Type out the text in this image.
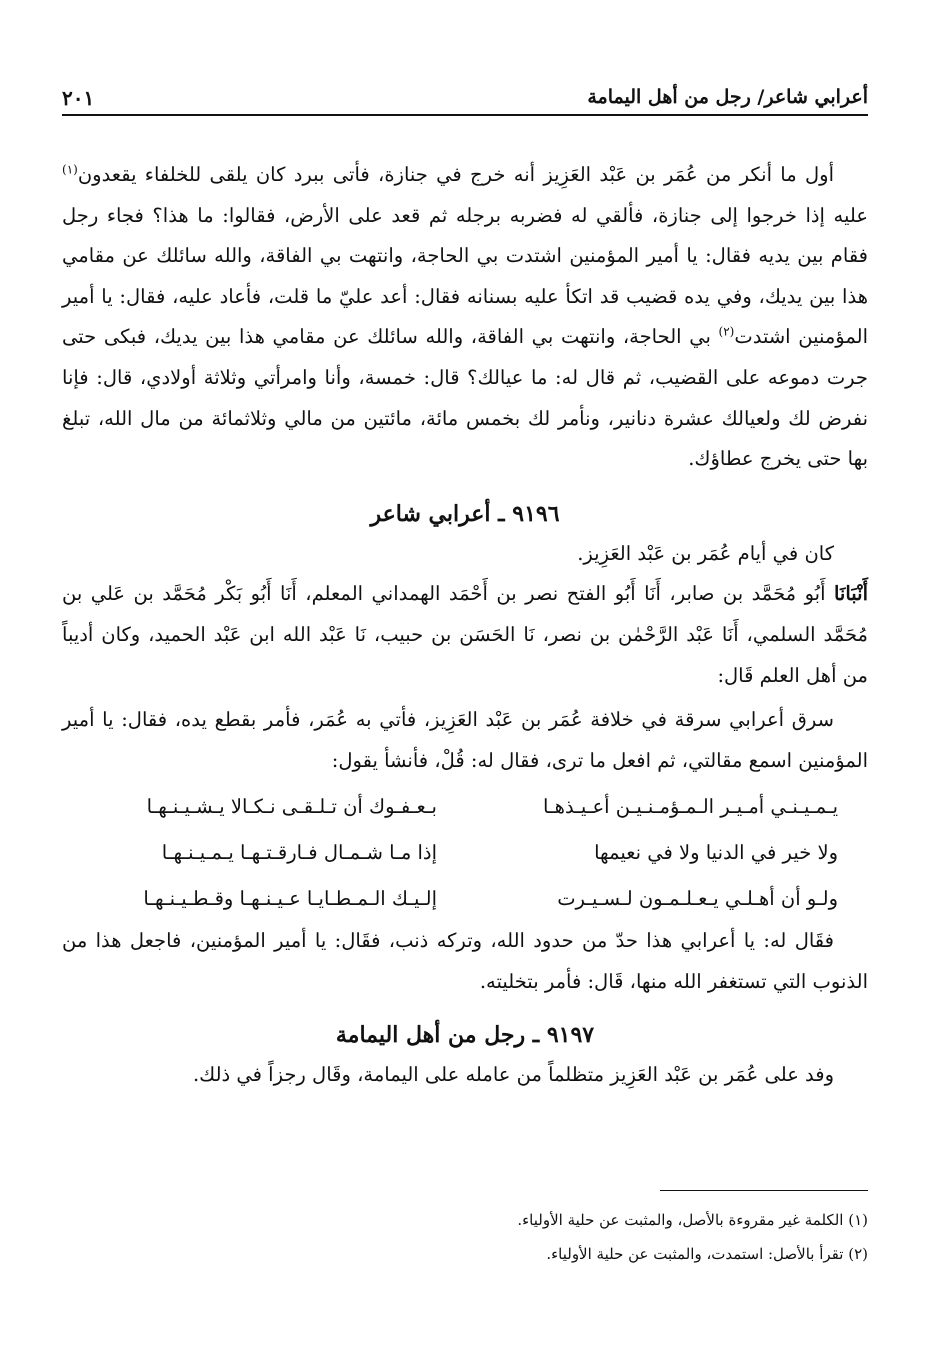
أعرابي شاعر/ رجل من أهل اليمامة
٢٠١

أول ما أنكر من عُمَر بن عَبْد العَزِيز أنه خرج في جنازة، فأتى ببرد كان يلقى للخلفاء يقعدون$^{(١)}$ عليه إذا خرجوا إلى جنازة، فألقي له فضربه برجله ثم قعد على الأرض، فقالوا: ما هذا؟ فجاء رجل فقام بين يديه فقال: يا أمير المؤمنين اشتدت بي الحاجة، وانتهت بي الفاقة، والله سائلك عن مقامي هذا بين يديك، وفي يده قضيب قد اتكأ عليه بسنانه فقال: أعد عليّ ما قلت، فأعاد عليه، فقال: يا أمير المؤمنين اشتدت$^{(٢)}$ بي الحاجة، وانتهت بي الفاقة، والله سائلك عن مقامي هذا بين يديك، فبكى حتى جرت دموعه على القضيب، ثم قال له: ما عيالك؟ قال: خمسة، وأنا وامرأتي وثلاثة أولادي، قال: فإنا نفرض لك ولعيالك عشرة دنانير، ونأمر لك بخمس مائة، مائتين من مالي وثلاثمائة من مال الله، تبلغ بها حتى يخرج عطاؤك.

٩١٩٦ ـ أعرابي شاعر

كان في أيام عُمَر بن عَبْد العَزِيز.

أَنْبَانَا أَبُو مُحَمَّد بن صابر، أَنَا أَبُو الفتح نصر بن أَحْمَد الهمداني المعلم، أَنَا أَبُو بَكْر مُحَمَّد بن عَلي بن مُحَمَّد السلمي، أَنَا عَبْد الرَّحْمٰن بن نصر، نَا الحَسَن بن حبيب، نَا عَبْد الله ابن عَبْد الحميد، وكان أديباً من أهل العلم قَال:

سرق أعرابي سرقة في خلافة عُمَر بن عَبْد العَزِيز، فأتي به عُمَر، فأمر بقطع يده، فقال: يا أمير المؤمنين اسمع مقالتي، ثم افعل ما ترى، فقال له: قُلْ، فأنشأ يقول:

يـمـيـنـي أمـيـر الـمـؤمـنـيـن أعـيـذهـا
بـعـفـوك أن تـلـقـى نـكـالا يـشـيـنـهـا
ولا خير في الدنيا ولا في نعيمها
إذا مـا شـمـال فـارقـتـهـا يـمـيـنـهـا
ولـو أن أهـلـي يـعـلـمـون لـسـيـرت
إلـيـك الـمـطـايـا عـيـنـهـا وقـطـيـنـهـا

فقَال له: يا أعرابي هذا حدّ من حدود الله، وتركه ذنب، فقَال: يا أمير المؤمنين، فاجعل هذا من الذنوب التي تستغفر الله منها، قَال: فأمر بتخليته.

٩١٩٧ ـ رجل من أهل اليمامة

وفد على عُمَر بن عَبْد العَزِيز متظلماً من عامله على اليمامة، وقَال رجزاً في ذلك.

(١) الكلمة غير مقروءة بالأصل، والمثبت عن حلية الأولياء.

(٢) تقرأ بالأصل: استمدت، والمثبت عن حلية الأولياء.
